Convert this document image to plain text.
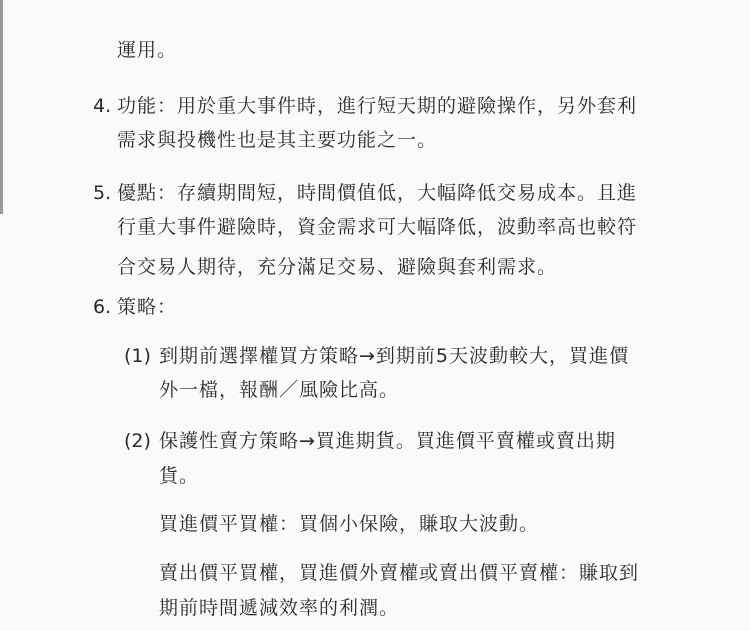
運用。
4. 功能：用於重大事件時，進行短天期的避險操作，另外套利
需求與投機性也是其主要功能之一。
5. 優點：存續期間短，時間價值低，大幅降低交易成本。且進
行重大事件避險時，資金需求可大幅降低，波動率高也較符
合交易人期待，充分滿足交易、避險與套利需求。
6. 策略：
(1) 到期前選擇權買方策略→到期前5天波動較大，買進價
外一檔，報酬／風險比高。
(2) 保護性賣方策略→買進期貨。買進價平賣權或賣出期
貨。
買進價平買權：買個小保險，賺取大波動。
賣出價平買權，買進價外賣權或賣出價平賣權：賺取到
期前時間遞減效率的利潤。
